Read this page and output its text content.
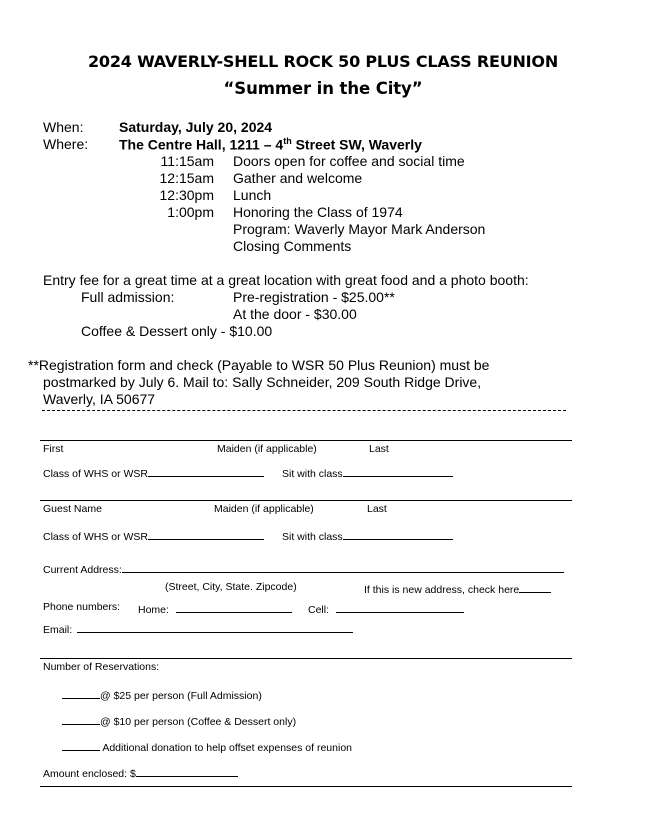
2024 WAVERLY-SHELL ROCK 50 PLUS CLASS REUNION
“Summer in the City”
When:	Saturday, July 20, 2024
Where: The Centre Hall, 1211 – 4th Street SW, Waverly
11:15am Doors open for coffee and social time
12:15am Gather and welcome
12:30pm Lunch
1:00pm Honoring the Class of 1974
Program: Waverly Mayor Mark Anderson
Closing Comments
Entry fee for a great time at a great location with great food and a photo booth:
Full admission:	Pre-registration - $25.00**
At the door - $30.00
Coffee & Dessert only - $10.00
**Registration form and check (Payable to WSR 50 Plus Reunion) must be
postmarked by July 6. Mail to: Sally Schneider, 209 South Ridge Drive,
Waverly, IA 50677
First	Maiden (if applicable)	Last
Class of WHS or WSR	Sit with class
Guest Name	Maiden (if applicable)	Last
Class of WHS or WSR	Sit with class
Current Address:
(Street, City, State. Zipcode)	If this is new address, check here
Phone numbers: Home:	Cell:
Email:
Number of Reservations:
@ $25 per person (Full Admission)
@ $10 per person (Coffee & Dessert only)
Additional donation to help offset expenses of reunion
Amount enclosed: $
